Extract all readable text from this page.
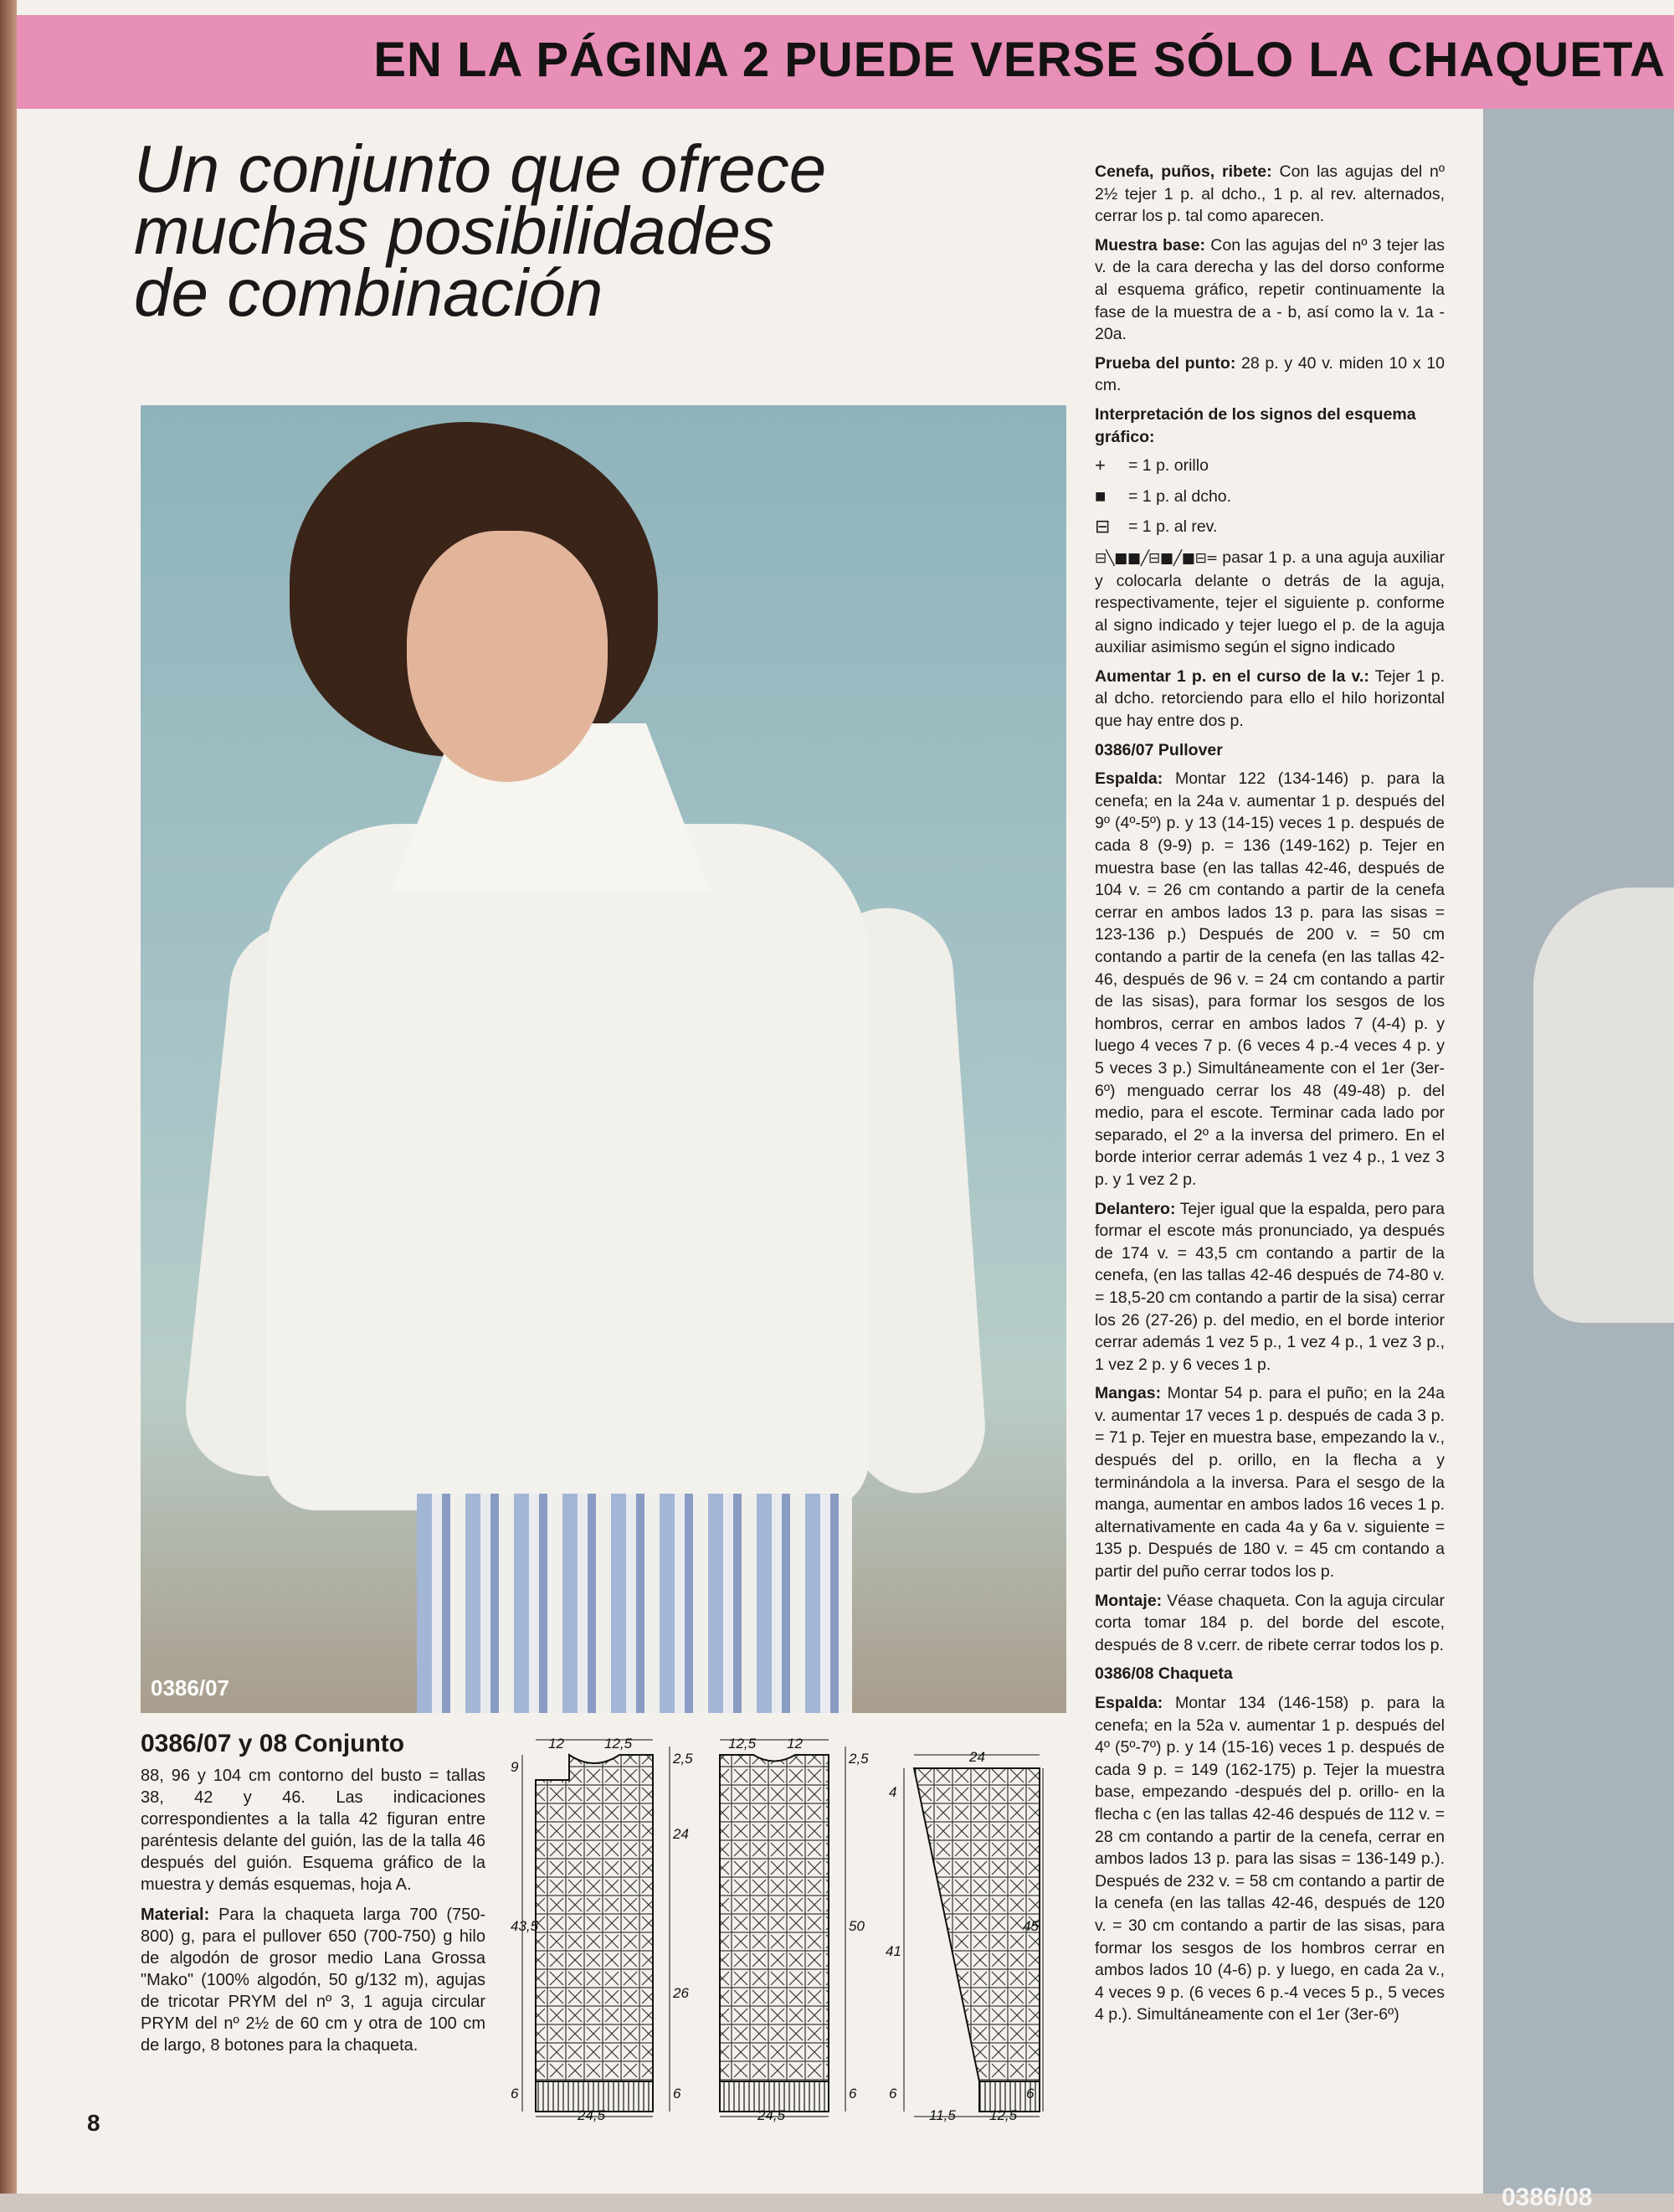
EN LA PÁGINA 2 PUEDE VERSE SÓLO LA CHAQUETA
0386/08
Un conjunto que ofrece
muchas posibilidades
de combinación
0386/07
0386/07 y 08 Conjunto

88, 96 y 104 cm contorno del busto = tallas 38, 42 y 46. Las indicaciones correspondientes a la talla 42 figuran entre paréntesis delante del guión, las de la talla 46 después del guión. Esquema gráfico de la muestra y demás esquemas, hoja A.

Material: Para la chaqueta larga 700 (750-800) g, para el pullover 650 (700-750) g hilo de algodón de grosor medio Lana Grossa "Mako" (100% algodón, 50 g/132 m), agujas de tricotar PRYM del nº 3, 1 aguja circular PRYM del nº 2½ de 60 cm y otra de 100 cm de largo, 8 botones para la chaqueta.

12	12,5
9
43,5
6
2,5
24
26
6
24,5
12,5 12
2,5
50
6
24,5
24
4
41
6
45
6
11,5 12,5

Cenefa, puños, ribete: Con las agujas del nº 2½ tejer 1 p. al dcho., 1 p. al rev. alternados, cerrar los p. tal como aparecen.

Muestra base: Con las agujas del nº 3 tejer las v. de la cara derecha y las del dorso conforme al esquema gráfico, repetir continuamente la fase de la muestra de a - b, así como la v. 1a - 20a.

Prueba del punto: 28 p. y 40 v. miden 10 x 10 cm.

Interpretación de los signos del esquema gráfico:
+	= 1 p. orillo
■	= 1 p. al dcho.
⊟	= 1 p. al rev.

⊟╲■■╱⊟■╱■⊟= pasar 1 p. a una aguja auxiliar y colocarla delante o detrás de la aguja, respectivamente, tejer el siguiente p. conforme al signo indicado y tejer luego el p. de la aguja auxiliar asimismo según el signo indicado

Aumentar 1 p. en el curso de la v.: Tejer 1 p. al dcho. retorciendo para ello el hilo horizontal que hay entre dos p.

0386/07 Pullover

Espalda: Montar 122 (134-146) p. para la cenefa; en la 24a v. aumentar 1 p. después del 9º (4º-5º) p. y 13 (14-15) veces 1 p. después de cada 8 (9-9) p. = 136 (149-162) p. Tejer en muestra base (en las tallas 42-46, después de 104 v. = 26 cm contando a partir de la cenefa cerrar en ambos lados 13 p. para las sisas = 123-136 p.) Después de 200 v. = 50 cm contando a partir de la cenefa (en las tallas 42-46, después de 96 v. = 24 cm contando a partir de las sisas), para formar los sesgos de los hombros, cerrar en ambos lados 7 (4-4) p. y luego 4 veces 7 p. (6 veces 4 p.-4 veces 4 p. y 5 veces 3 p.) Simultáneamente con el 1er (3er-6º) menguado cerrar los 48 (49-48) p. del medio, para el escote. Terminar cada lado por separado, el 2º a la inversa del primero. En el borde interior cerrar además 1 vez 4 p., 1 vez 3 p. y 1 vez 2 p.

Delantero: Tejer igual que la espalda, pero para formar el escote más pronunciado, ya después de 174 v. = 43,5 cm contando a partir de la cenefa, (en las tallas 42-46 después de 74-80 v. = 18,5-20 cm contando a partir de la sisa) cerrar los 26 (27-26) p. del medio, en el borde interior cerrar además 1 vez 5 p., 1 vez 4 p., 1 vez 3 p., 1 vez 2 p. y 6 veces 1 p.

Mangas: Montar 54 p. para el puño; en la 24a v. aumentar 17 veces 1 p. después de cada 3 p. = 71 p. Tejer en muestra base, empezando la v., después del p. orillo, en la flecha a y terminándola a la inversa. Para el sesgo de la manga, aumentar en ambos lados 16 veces 1 p. alternativamente en cada 4a y 6a v. siguiente = 135 p. Después de 180 v. = 45 cm contando a partir del puño cerrar todos los p.

Montaje: Véase chaqueta. Con la aguja circular corta tomar 184 p. del borde del escote, después de 8 v.cerr. de ribete cerrar todos los p.

0386/08 Chaqueta

Espalda: Montar 134 (146-158) p. para la cenefa; en la 52a v. aumentar 1 p. después del 4º (5º-7º) p. y 14 (15-16) veces 1 p. después de cada 9 p. = 149 (162-175) p. Tejer la muestra base, empezando -después del p. orillo- en la flecha c (en las tallas 42-46 después de 112 v. = 28 cm contando a partir de la cenefa, cerrar en ambos lados 13 p. para las sisas = 136-149 p.). Después de 232 v. = 58 cm contando a partir de la cenefa (en las tallas 42-46, después de 120 v. = 30 cm contando a partir de las sisas, para formar los sesgos de los hombros cerrar en ambos lados 10 (4-6) p. y luego, en cada 2a v., 4 veces 9 p. (6 veces 6 p.-4 veces 5 p., 5 veces 4 p.). Simultáneamente con el 1er (3er-6º)

8
